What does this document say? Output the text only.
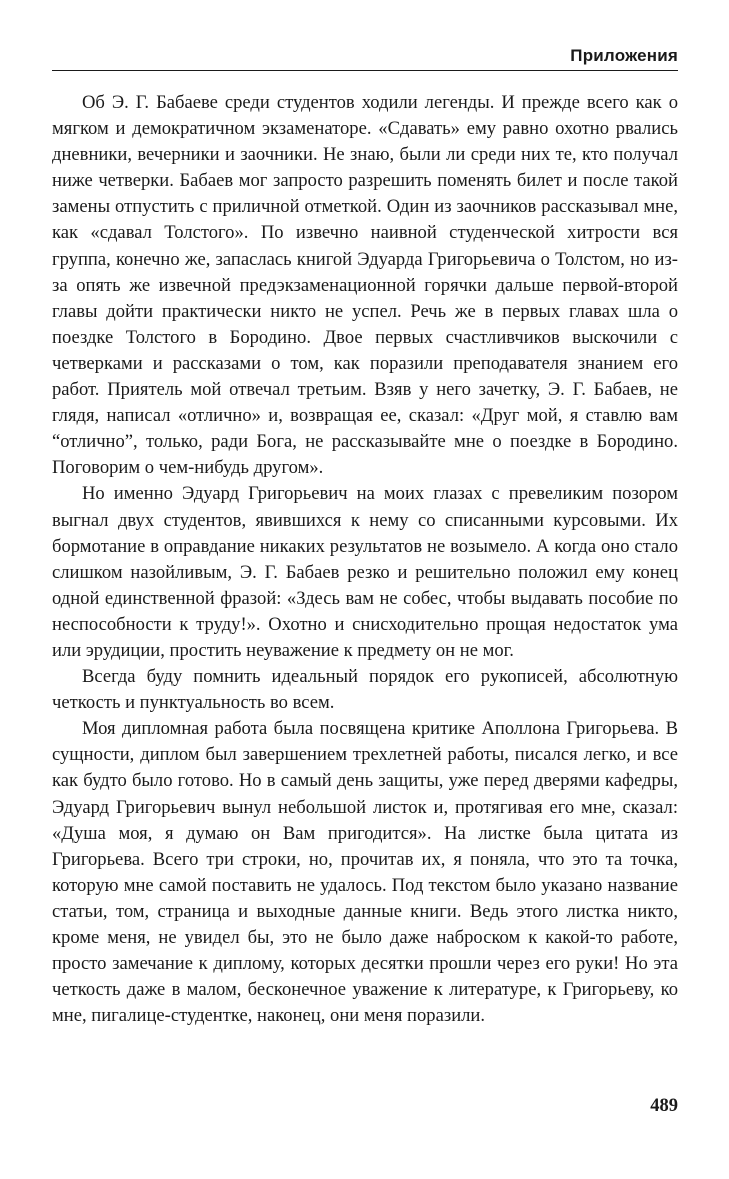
Приложения

Об Э. Г. Бабаеве среди студентов ходили легенды. И прежде всего как о мягком и демократичном экзаменаторе. «Сдавать» ему равно охотно рвались дневники, вечерники и заочники. Не знаю, были ли среди них те, кто получал ниже четверки. Бабаев мог запросто разрешить поменять билет и после такой замены отпустить с приличной отметкой. Один из заочников рассказывал мне, как «сдавал Толстого». По извечно наивной студенческой хитрости вся группа, конечно же, запаслась книгой Эдуарда Григорьевича о Толстом, но из-за опять же извечной предэкзаменационной горячки дальше первой-второй главы дойти практически никто не успел. Речь же в первых главах шла о поездке Толстого в Бородино. Двое первых счастливчиков выскочили с четверками и рассказами о том, как поразили преподавателя знанием его работ. Приятель мой отвечал третьим. Взяв у него зачетку, Э. Г. Бабаев, не глядя, написал «отлично» и, возвращая ее, сказал: «Друг мой, я ставлю вам “отлично”, только, ради Бога, не рассказывайте мне о поездке в Бородино. Поговорим о чем-нибудь другом».

Но именно Эдуард Григорьевич на моих глазах с превеликим позором выгнал двух студентов, явившихся к нему со списанными курсовыми. Их бормотание в оправдание никаких результатов не возымело. А когда оно стало слишком назойливым, Э. Г. Бабаев резко и решительно положил ему конец одной единственной фразой: «Здесь вам не собес, чтобы выдавать пособие по неспособности к труду!». Охотно и снисходительно прощая недостаток ума или эрудиции, простить неуважение к предмету он не мог.

Всегда буду помнить идеальный порядок его рукописей, абсолютную четкость и пунктуальность во всем.

Моя дипломная работа была посвящена критике Аполлона Григорьева. В сущности, диплом был завершением трехлетней работы, писался легко, и все как будто было готово. Но в самый день защиты, уже перед дверями кафедры, Эдуард Григорьевич вынул небольшой листок и, протягивая его мне, сказал: «Душа моя, я думаю он Вам пригодится». На листке была цитата из Григорьева. Всего три строки, но, прочитав их, я поняла, что это та точка, которую мне самой поставить не удалось. Под текстом было указано название статьи, том, страница и выходные данные книги. Ведь этого листка никто, кроме меня, не увидел бы, это не было даже наброском к какой-то работе, просто замечание к диплому, которых десятки прошли через его руки! Но эта четкость даже в малом, бесконечное уважение к литературе, к Григорьеву, ко мне, пигалице-студентке, наконец, они меня поразили.

489
